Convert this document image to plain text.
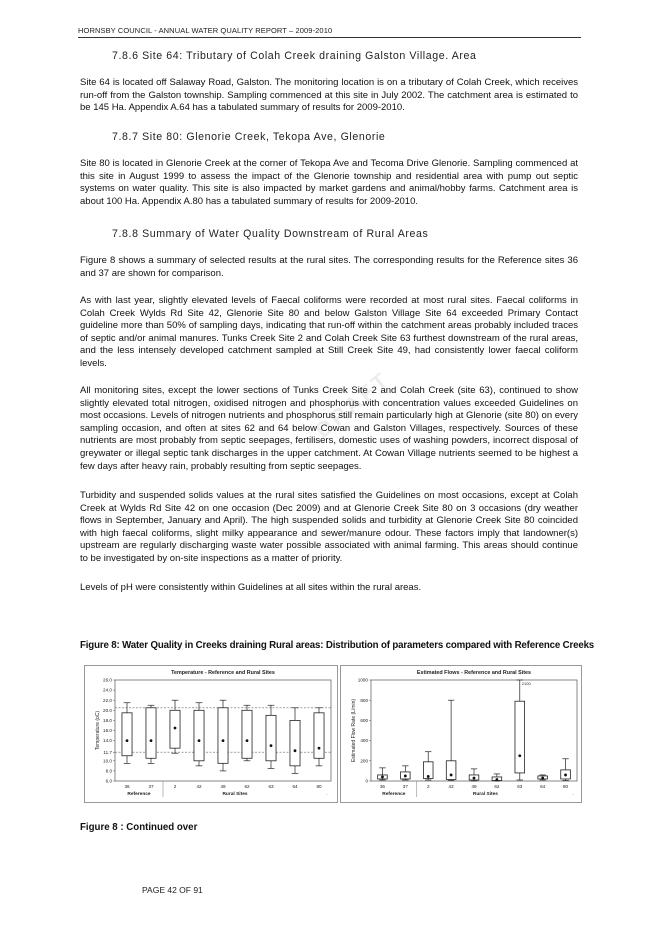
HORNSBY COUNCIL - ANNUAL WATER QUALITY REPORT – 2009-2010
7.8.6 Site 64: Tributary of Colah Creek draining Galston Village. Area
Site 64 is located off Salaway Road, Galston. The monitoring location is on a tributary of Colah Creek, which receives run-off from the Galston township. Sampling commenced at this site in July 2002. The catchment area is estimated to be 145 Ha. Appendix A.64 has a tabulated summary of results for 2009-2010.
7.8.7 Site 80: Glenorie Creek, Tekopa Ave, Glenorie
Site 80 is located in Glenorie Creek at the corner of Tekopa Ave and Tecoma Drive Glenorie. Sampling commenced at this site in August 1999 to assess the impact of the Glenorie township and residential area with pump out septic systems on water quality. This site is also impacted by market gardens and animal/hobby farms. Catchment area is about 100 Ha. Appendix A.80 has a tabulated summary of results for 2009-2010.
7.8.8 Summary of Water Quality Downstream of Rural Areas
Figure 8 shows a summary of selected results at the rural sites. The corresponding results for the Reference sites 36 and 37 are shown for comparison.
As with last year, slightly elevated levels of Faecal coliforms were recorded at most rural sites. Faecal coliforms in Colah Creek Wylds Rd Site 42, Glenorie Site 80 and below Galston Village Site 64 exceeded Primary Contact guideline more than 50% of sampling days, indicating that run-off within the catchment areas probably included traces of septic and/or animal manures. Tunks Creek Site 2 and Colah Creek Site 63 furthest downstream of the rural areas, and the less intensely developed catchment sampled at Still Creek Site 49, had consistently lower faecal coliform levels.
All monitoring sites, except the lower sections of Tunks Creek Site 2 and Colah Creek (site 63), continued to show slightly elevated total nitrogen, oxidised nitrogen and phosphorus with concentration values exceeded Guidelines on most occasions. Levels of nitrogen nutrients and phosphorus still remain particularly high at Glenorie (site 80) on every sampling occasion, and often at sites 62 and 64 below Cowan and Galston Villages, respectively. Sources of these nutrients are most probably from septic seepages, fertilisers, domestic uses of washing powders, incorrect disposal of greywater or illegal septic tank discharges in the upper catchment. At Cowan Village nutrients seemed to be highest a few days after heavy rain, probably resulting from septic seepages.
Turbidity and suspended solids values at the rural sites satisfied the Guidelines on most occasions, except at Colah Creek at Wylds Rd Site 42 on one occasion (Dec 2009) and at Glenorie Creek Site 80 on 3 occasions (dry weather flows in September, January and April). The high suspended solids and turbidity at Glenorie Creek Site 80 coincided with high faecal coliforms, slight milky appearance and sewer/manure odour. These factors imply that landowner(s) upstream are regularly discharging waste water possible associated with animal farming. This areas should continue to be investigated by on-site inspections as a matter of priority.
Levels of pH were consistently within Guidelines at all sites within the rural areas.
DRAFT
Figure 8: Water Quality in Creeks draining Rural areas: Distribution of parameters compared with Reference Creeks
Temperature - Reference and Rural Sites
6.0
8.0
10.0
11.7
14.0
16.0
18.0
20.0
22.0
24.0
26.0
Temperature (oC)
36	37	2	42	49	62	63	64	80
Reference	Rural Sites	.
Estimated Flows - Reference and Rural Sites
0
200
400
600
800
1000
Estimated Flow Rate (L/min)
36	37	2	42	49	62	63	64	80
Reference	Rural Sites	.
2100
Figure 8 : Continued over
PAGE 42 OF 91
